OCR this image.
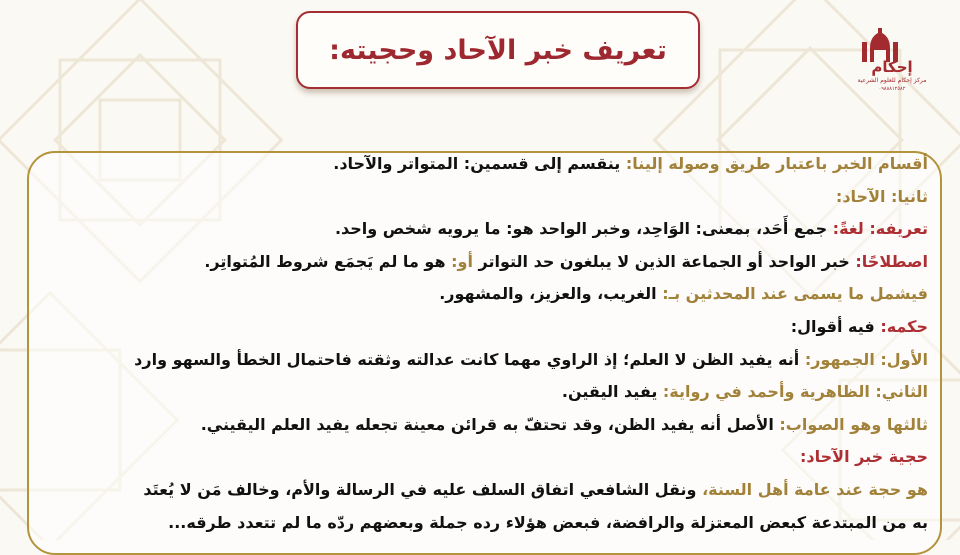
تعريف خبر الآحاد وحجيته:
إحكام
مركز إحكام للعلوم الشرعية
٠٩٨٨٨١٢٥٨٢
أقسام الخبر باعتبار طريق وصوله إلينا: ينقسم إلى قسمين: المتواتر والآحاد.
ثانيا: الآحاد:
تعريفه: لغةً: جمع أَحَد، بمعنى: الوَاحِد، وخبر الواحد هو: ما يرويه شخص واحد.
اصطلاحًا: خبر الواحد أو الجماعة الذين لا يبلغون حد التواتر أو: هو ما لم يَجمَع شروط المُتواتِر.
فيشمل ما يسمى عند المحدثين بـ: الغريب، والعزيز، والمشهور.
حكمه: فيه أقوال:
الأول: الجمهور: أنه يفيد الظن لا العلم؛ إذ الراوي مهما كانت عدالته وثقته فاحتمال الخطأ والسهو وارد
الثاني: الظاهرية وأحمد في رواية: يفيد اليقين.
ثالثها وهو الصواب: الأصل أنه يفيد الظن، وقد تحتفّ به قرائن معينة تجعله يفيد العلم اليقيني.
حجية خبر الآحاد:
هو حجة عند عامة أهل السنة، ونقل الشافعي اتفاق السلف عليه في الرسالة والأم، وخالف مَن لا يُعتَد
به من المبتدعة كبعض المعتزلة والرافضة، فبعض هؤلاء رده جملة وبعضهم ردّه ما لم تتعدد طرقه...
